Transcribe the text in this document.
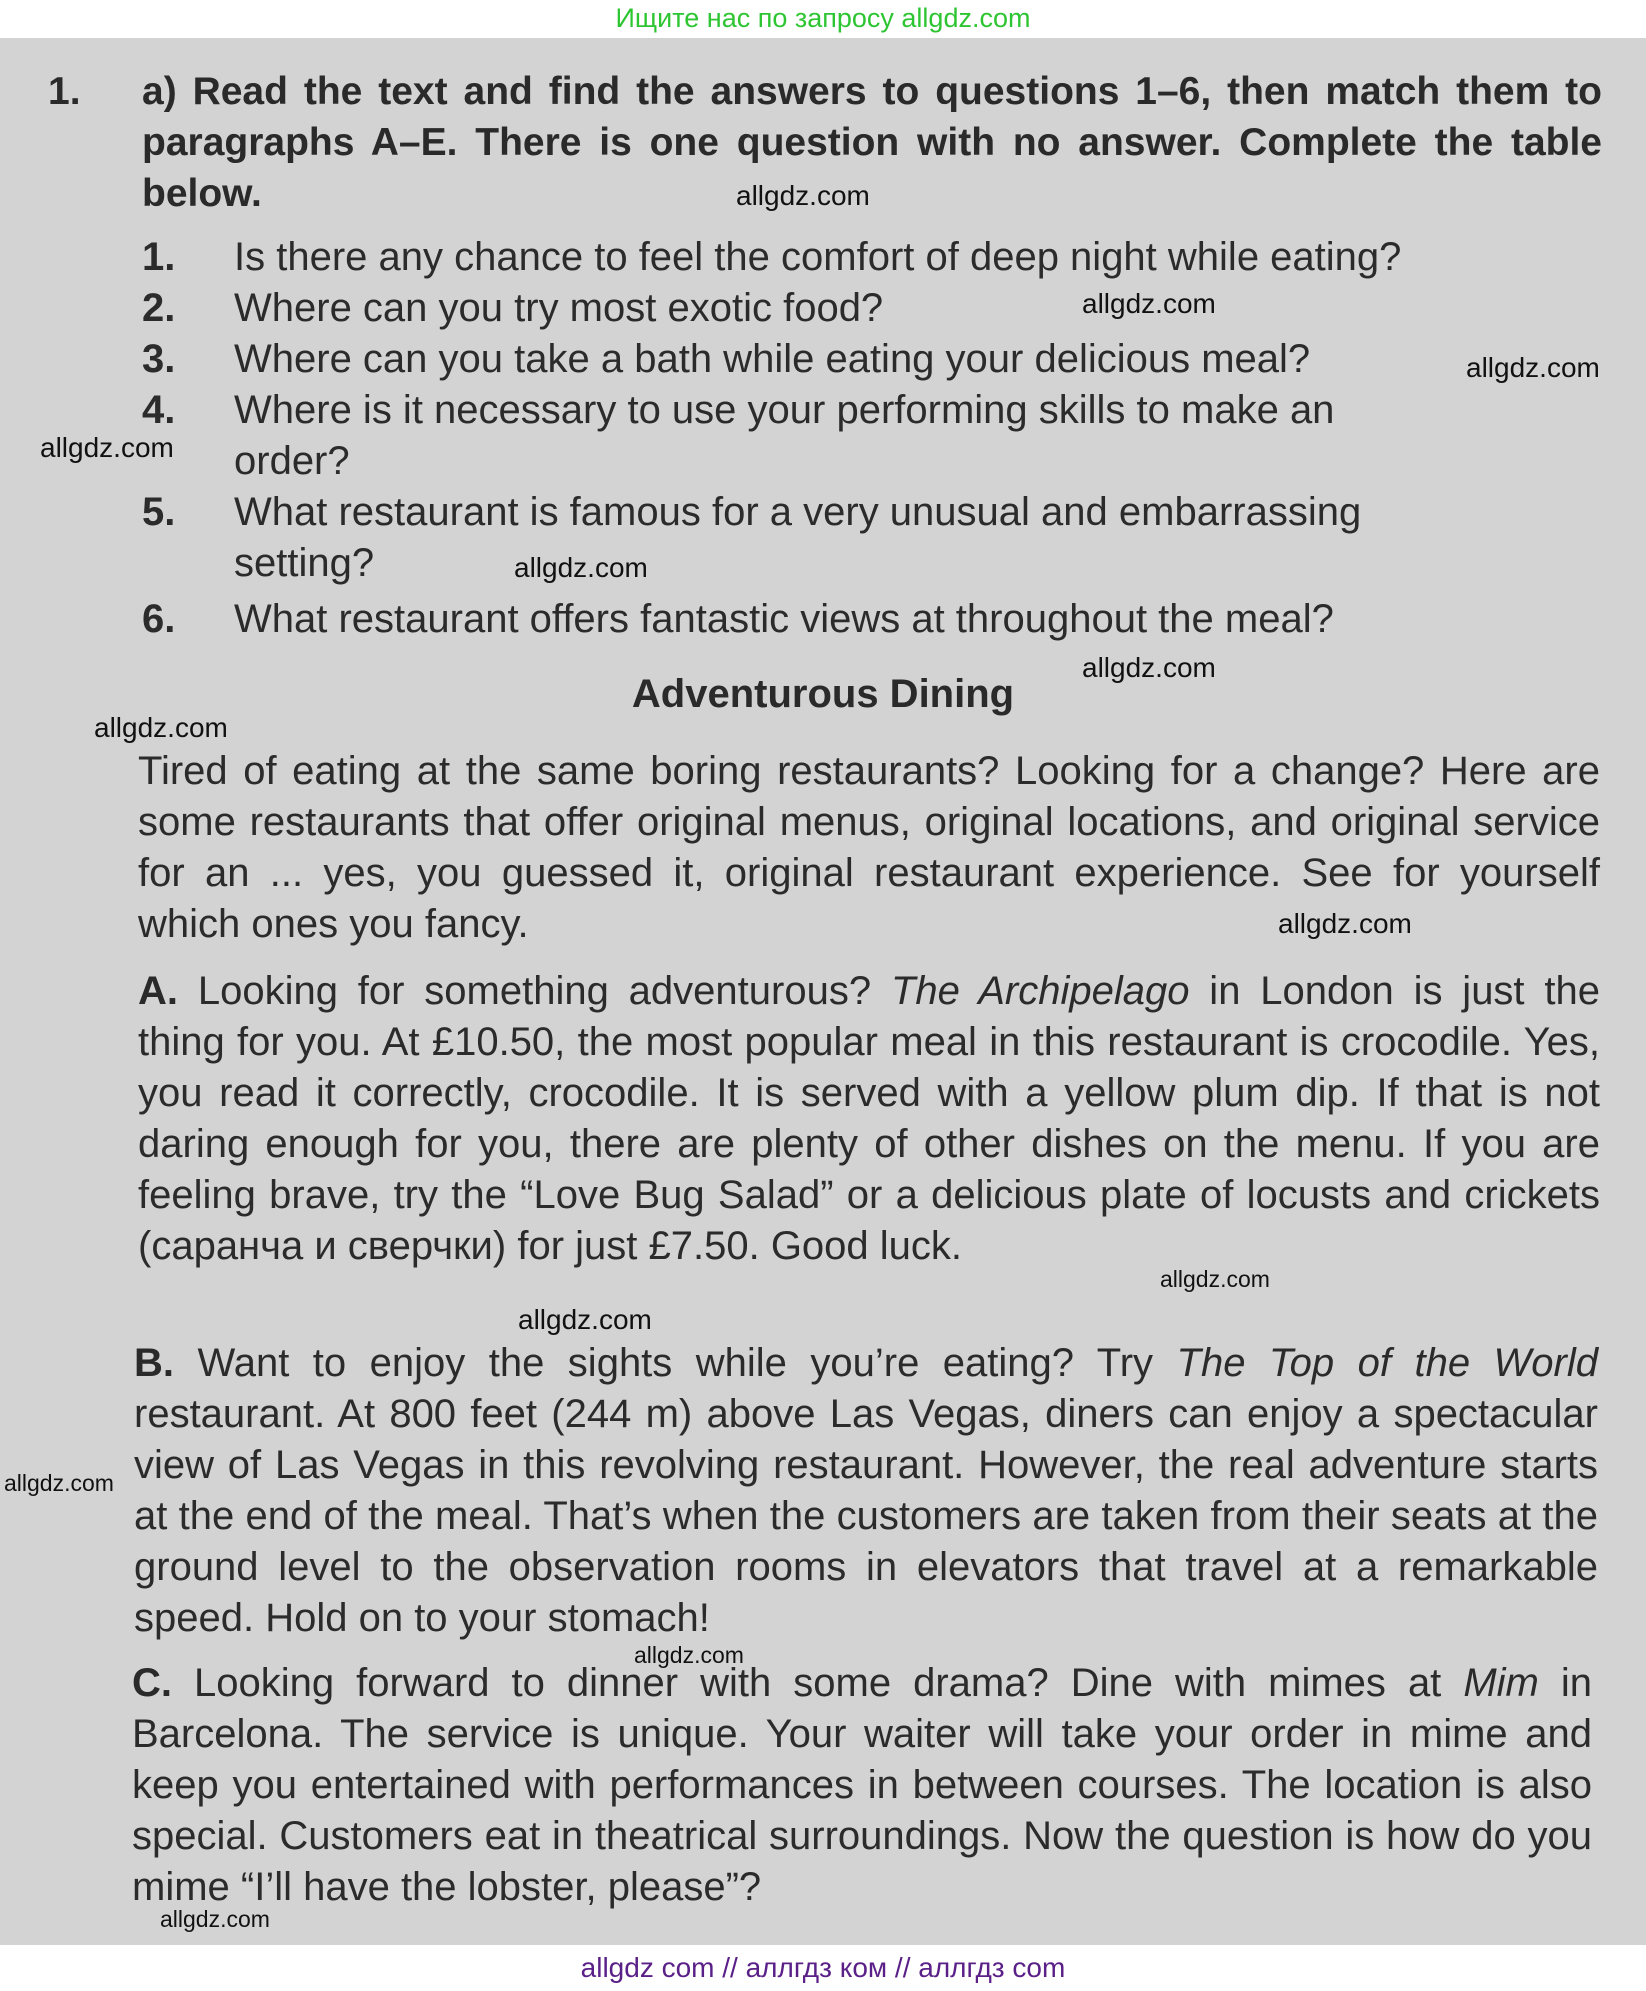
Ищите нас по запросу allgdz.com
1. a) Read the text and find the answers to questions 1–6, then match them to paragraphs A–E. There is one question with no answer. Complete the table below.
1. Is there any chance to feel the comfort of deep night while eating?
2. Where can you try most exotic food?
3. Where can you take a bath while eating your delicious meal?
4. Where is it necessary to use your performing skills to make an
order?
5. What restaurant is famous for a very unusual and embarrassing
setting?
6. What restaurant offers fantastic views at throughout the meal?
Adventurous Dining
Tired of eating at the same boring restaurants? Looking for a change? Here are some restaurants that offer original menus, original locations, and original service for an ... yes, you guessed it, original restaurant experience. See for yourself which ones you fancy.
A. Looking for something adventurous? The Archipelago in London is just the thing for you. At £10.50, the most popular meal in this restaurant is crocodile. Yes, you read it correctly, crocodile. It is served with a yellow plum dip. If that is not daring enough for you, there are plenty of other dishes on the menu. If you are feeling brave, try the “Love Bug Salad” or a delicious plate of locusts and crickets (саранча и сверчки) for just £7.50. Good luck.
B. Want to enjoy the sights while you’re eating? Try The Top of the World restaurant. At 800 feet (244 m) above Las Vegas, diners can enjoy a spectacular view of Las Vegas in this revolving restaurant. However, the real adventure starts at the end of the meal. That’s when the customers are taken from their seats at the ground level to the observation rooms in elevators that travel at a remarkable speed. Hold on to your stomach!
C. Looking forward to dinner with some drama? Dine with mimes at Mim in Barcelona. The service is unique. Your waiter will take your order in mime and keep you entertained with performances in between courses. The location is also special. Customers eat in theatrical surroundings. Now the question is how do you mime “I’ll have the lobster, please”?
allgdz.com
allgdz.com
allgdz.com
allgdz.com
allgdz.com
allgdz.com
allgdz.com
allgdz.com
allgdz.com
allgdz.com
allgdz.com
allgdz.com
allgdz.com
allgdz com // аллгдз ком // аллгдз com
